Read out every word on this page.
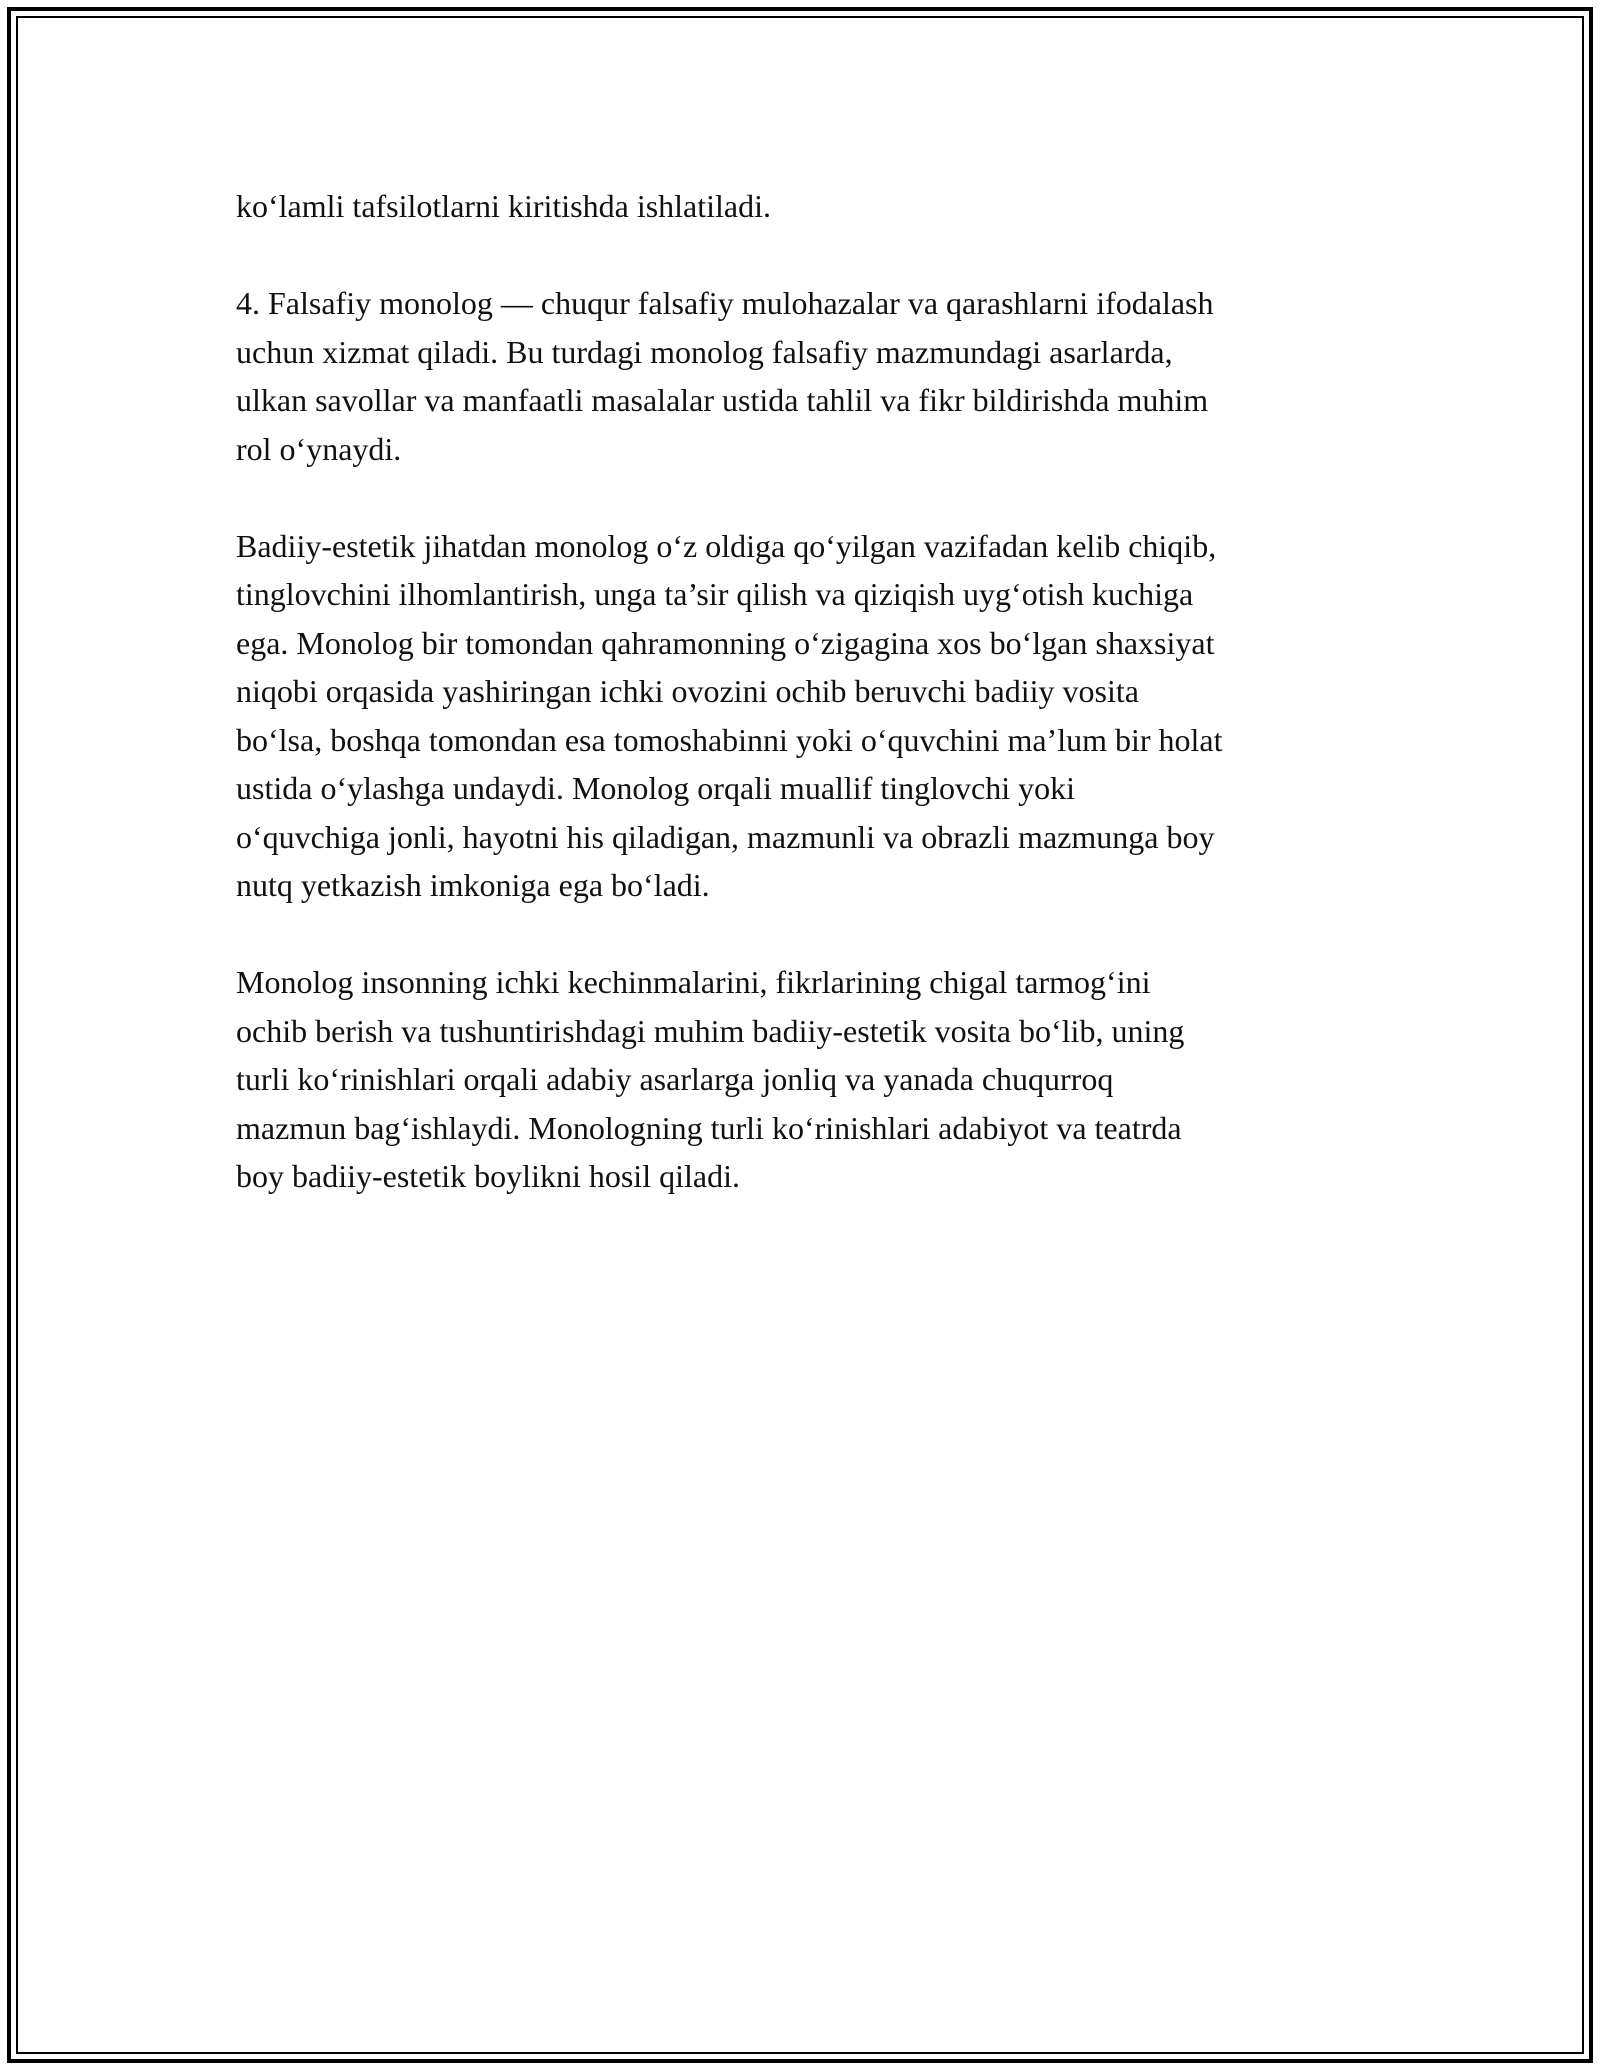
ko‘lamli tafsilotlarni kiritishda ishlatiladi.

4. Falsafiy monolog — chuqur falsafiy mulohazalar va qarashlarni ifodalash
uchun xizmat qiladi. Bu turdagi monolog falsafiy mazmundagi asarlarda,
ulkan savollar va manfaatli masalalar ustida tahlil va fikr bildirishda muhim
rol o‘ynaydi.

Badiiy-estetik jihatdan monolog o‘z oldiga qo‘yilgan vazifadan kelib chiqib,
tinglovchini ilhomlantirish, unga ta’sir qilish va qiziqish uyg‘otish kuchiga
ega. Monolog bir tomondan qahramonning o‘zigagina xos bo‘lgan shaxsiyat
niqobi orqasida yashiringan ichki ovozini ochib beruvchi badiiy vosita
bo‘lsa, boshqa tomondan esa tomoshabinni yoki o‘quvchini ma’lum bir holat
ustida o‘ylashga undaydi. Monolog orqali muallif tinglovchi yoki
o‘quvchiga jonli, hayotni his qiladigan, mazmunli va obrazli mazmunga boy
nutq yetkazish imkoniga ega bo‘ladi.

Monolog insonning ichki kechinmalarini, fikrlarining chigal tarmog‘ini
ochib berish va tushuntirishdagi muhim badiiy-estetik vosita bo‘lib, uning
turli ko‘rinishlari orqali adabiy asarlarga jonliq va yanada chuqurroq
mazmun bag‘ishlaydi. Monologning turli ko‘rinishlari adabiyot va teatrda
boy badiiy-estetik boylikni hosil qiladi.
